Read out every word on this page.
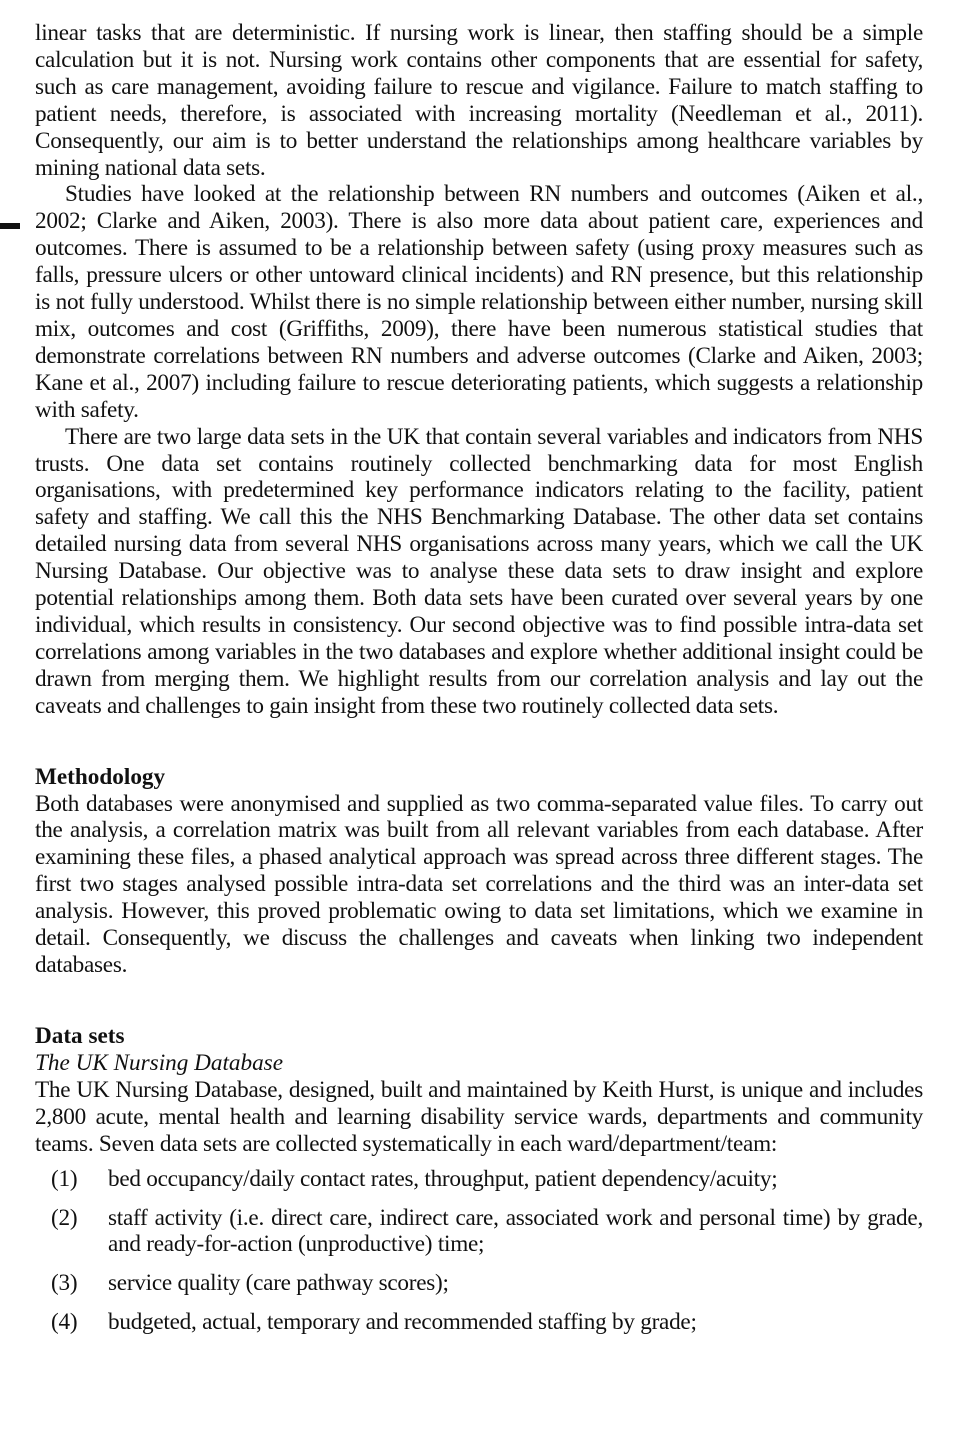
linear tasks that are deterministic. If nursing work is linear, then staffing should be a simple calculation but it is not. Nursing work contains other components that are essential for safety, such as care management, avoiding failure to rescue and vigilance. Failure to match staffing to patient needs, therefore, is associated with increasing mortality (Needleman et al., 2011). Consequently, our aim is to better understand the relationships among healthcare variables by mining national data sets.

Studies have looked at the relationship between RN numbers and outcomes (Aiken et al., 2002; Clarke and Aiken, 2003). There is also more data about patient care, experiences and outcomes. There is assumed to be a relationship between safety (using proxy measures such as falls, pressure ulcers or other untoward clinical incidents) and RN presence, but this relationship is not fully understood. Whilst there is no simple relationship between either number, nursing skill mix, outcomes and cost (Griffiths, 2009), there have been numerous statistical studies that demonstrate correlations between RN numbers and adverse outcomes (Clarke and Aiken, 2003; Kane et al., 2007) including failure to rescue deteriorating patients, which suggests a relationship with safety.

There are two large data sets in the UK that contain several variables and indicators from NHS trusts. One data set contains routinely collected benchmarking data for most English organisations, with predetermined key performance indicators relating to the facility, patient safety and staffing. We call this the NHS Benchmarking Database. The other data set contains detailed nursing data from several NHS organisations across many years, which we call the UK Nursing Database. Our objective was to analyse these data sets to draw insight and explore potential relationships among them. Both data sets have been curated over several years by one individual, which results in consistency. Our second objective was to find possible intra-data set correlations among variables in the two databases and explore whether additional insight could be drawn from merging them. We highlight results from our correlation analysis and lay out the caveats and challenges to gain insight from these two routinely collected data sets.

Methodology

Both databases were anonymised and supplied as two comma-separated value files. To carry out the analysis, a correlation matrix was built from all relevant variables from each database. After examining these files, a phased analytical approach was spread across three different stages. The first two stages analysed possible intra-data set correlations and the third was an inter-data set analysis. However, this proved problematic owing to data set limitations, which we examine in detail. Consequently, we discuss the challenges and caveats when linking two independent databases.

Data sets
The UK Nursing Database

The UK Nursing Database, designed, built and maintained by Keith Hurst, is unique and includes 2,800 acute, mental health and learning disability service wards, departments and community teams. Seven data sets are collected systematically in each ward/department/team:

(1) bed occupancy/daily contact rates, throughput, patient dependency/acuity;
(2) staff activity (i.e. direct care, indirect care, associated work and personal time) by grade, and ready-for-action (unproductive) time;
(3) service quality (care pathway scores);
(4) budgeted, actual, temporary and recommended staffing by grade;
